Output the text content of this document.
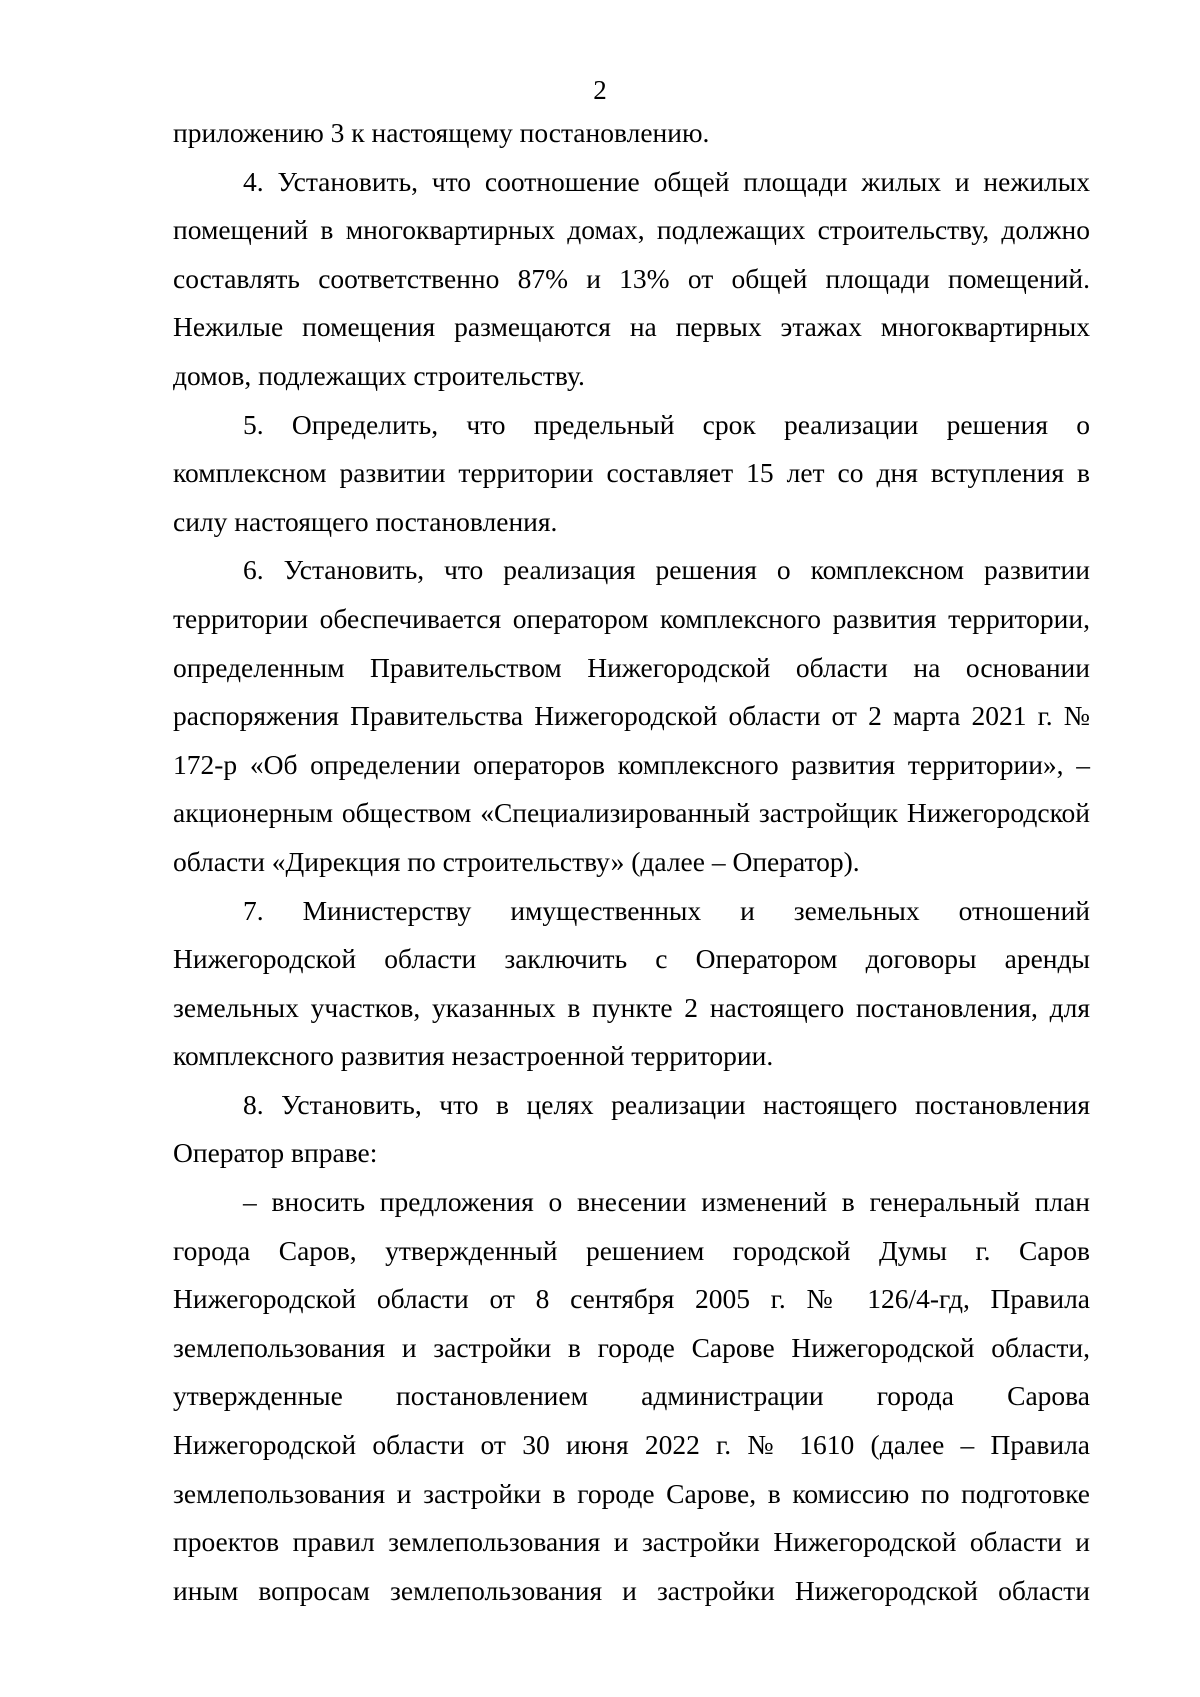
2

приложению 3 к настоящему постановлению.

4. Установить, что соотношение общей площади жилых и нежилых помещений в многоквартирных домах, подлежащих строительству, должно составлять соответственно 87% и 13% от общей площади помещений. Нежилые помещения размещаются на первых этажах многоквартирных домов, подлежащих строительству.

5. Определить, что предельный срок реализации решения о комплексном развитии территории составляет 15 лет со дня вступления в силу настоящего постановления.

6. Установить, что реализация решения о комплексном развитии территории обеспечивается оператором комплексного развития территории, определенным Правительством Нижегородской области на основании распоряжения Правительства Нижегородской области от 2 марта 2021 г. № 172-р «Об определении операторов комплексного развития территории», – акционерным обществом «Специализированный застройщик Нижегородской области «Дирекция по строительству» (далее – Оператор).

7. Министерству имущественных и земельных отношений Нижегородской области заключить с Оператором договоры аренды земельных участков, указанных в пункте 2 настоящего постановления, для комплексного развития незастроенной территории.

8. Установить, что в целях реализации настоящего постановления Оператор вправе:

– вносить предложения о внесении изменений в генеральный план города Саров, утвержденный решением городской Думы г. Саров Нижегородской области от 8 сентября 2005 г. № 126/4-гд, Правила землепользования и застройки в городе Сарове Нижегородской области, утвержденные постановлением администрации города Сарова Нижегородской области от 30 июня 2022 г. № 1610 (далее – Правила землепользования и застройки в городе Сарове, в комиссию по подготовке проектов правил землепользования и застройки Нижегородской области и иным вопросам землепользования и застройки Нижегородской области
